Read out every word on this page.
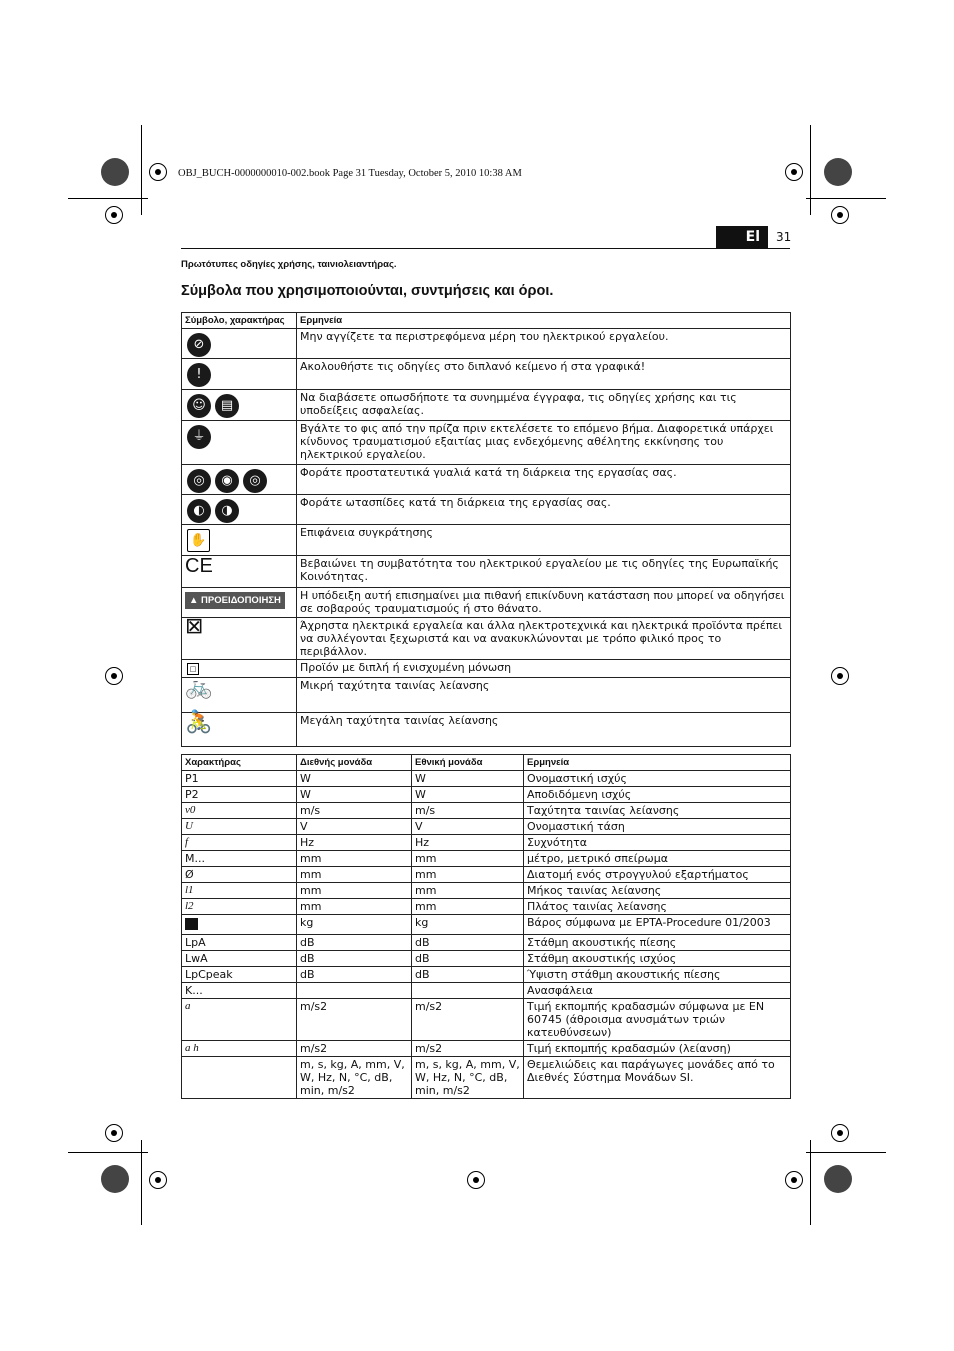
OBJ_BUCH-0000000010-002.book Page 31 Tuesday, October 5, 2010 10:38 AM
El	31
Πρωτότυπες οδηγίες χρήσης, ταινιολειαντήρας.
Σύμβολα που χρησιμοποιούνται, συντμήσεις και όροι.
Σύμβολο, χαρακτήρας	Ερμηνεία
⊘	Μην αγγίζετε τα περιστρεφόμενα μέρη του ηλεκτρικού εργαλείου.
!	Ακολουθήστε τις οδηγίες στο διπλανό κείμενο ή στα γραφικά!
☺ ▤	Να διαβάσετε οπωσδήποτε τα συνημμένα έγγραφα, τις οδηγίες χρήσης και τις υποδείξεις ασφαλείας.
⏚	Βγάλτε το φις από την πρίζα πριν εκτελέσετε το επόμενο βήμα. Διαφορετικά υπάρχει κίνδυνος τραυματισμού εξαιτίας μιας ενδεχόμενης αθέλητης εκκίνησης του ηλεκτρικού εργαλείου.
◎ ◉ ◎	Φοράτε προστατευτικά γυαλιά κατά τη διάρκεια της εργασίας σας.
◐ ◑	Φοράτε ωτασπίδες κατά τη διάρκεια της εργασίας σας.
✋	Επιφάνεια συγκράτησης
CE	Βεβαιώνει τη συμβατότητα του ηλεκτρικού εργαλείου με τις οδηγίες της Ευρωπαϊκής Κοινότητας.
▲ ΠΡΟΕΙΔΟΠΟΙΗΣΗ	Η υπόδειξη αυτή επισημαίνει μια πιθανή επικίνδυνη κατάσταση που μπορεί να οδηγήσει σε σοβαρούς τραυματισμούς ή στο θάνατο.
⊠	Άχρηστα ηλεκτρικά εργαλεία και άλλα ηλεκτροτεχνικά και ηλεκτρικά προϊόντα πρέπει να συλλέγονται ξεχωριστά και να ανακυκλώνονται με τρόπο φιλικό προς το περιβάλλον.
□	Προϊόν με διπλή ή ενισχυμένη μόνωση
🚲	Μικρή ταχύτητα ταινίας λείανσης
🚴	Μεγάλη ταχύτητα ταινίας λείανσης
Χαρακτήρας	Διεθνής μονάδα	Εθνική μονάδα	Ερμηνεία
P1	W	W	Ονομαστική ισχύς
P2	W	W	Αποδιδόμενη ισχύς
v0	m/s	m/s	Ταχύτητα ταινίας λείανσης
U	V	V	Ονομαστική τάση
f	Hz	Hz	Συχνότητα
M...	mm	mm	μέτρο, μετρικό σπείρωμα
Ø	mm	mm	Διατομή ενός στρογγυλού εξαρτήματος
l1	mm	mm	Μήκος ταινίας λείανσης
l2	mm	mm	Πλάτος ταινίας λείανσης
	kg	kg	Βάρος σύμφωνα με EPTA-Procedure 01/2003
LpA	dB	dB	Στάθμη ακουστικής πίεσης
LwA	dB	dB	Στάθμη ακουστικής ισχύος
LpCpeak	dB	dB	Ύψιστη στάθμη ακουστικής πίεσης
K...			Ανασφάλεια
a	m/s2	m/s2	Τιμή εκπομπής κραδασμών σύμφωνα με EN 60745 (άθροισμα ανυσμάτων τριών κατευθύνσεων)
a h	m/s2	m/s2	Τιμή εκπομπής κραδασμών (λείανση)
	m, s, kg, A, mm, V, W, Hz, N, °C, dB, min, m/s2	m, s, kg, A, mm, V, W, Hz, N, °C, dB, min, m/s2	Θεμελιώδεις και παράγωγες μονάδες από το Διεθνές Σύστημα Μονάδων SI.
